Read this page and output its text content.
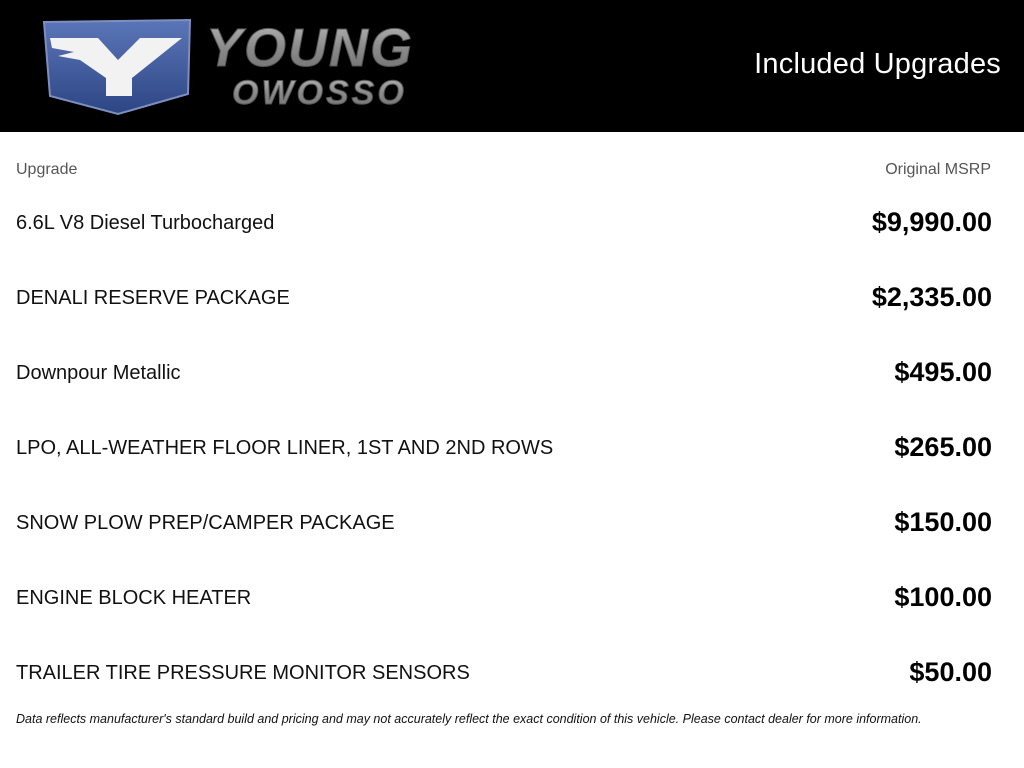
YOUNG
OWOSSO
Included Upgrades
Upgrade	Original MSRP
6.6L V8 Diesel Turbocharged	$9,990.00
DENALI RESERVE PACKAGE	$2,335.00
Downpour Metallic	$495.00
LPO, ALL-WEATHER FLOOR LINER, 1ST AND 2ND ROWS	$265.00
SNOW PLOW PREP/CAMPER PACKAGE	$150.00
ENGINE BLOCK HEATER	$100.00
TRAILER TIRE PRESSURE MONITOR SENSORS	$50.00
Data reflects manufacturer's standard build and pricing and may not accurately reflect the exact condition of this vehicle. Please contact dealer for more information.
